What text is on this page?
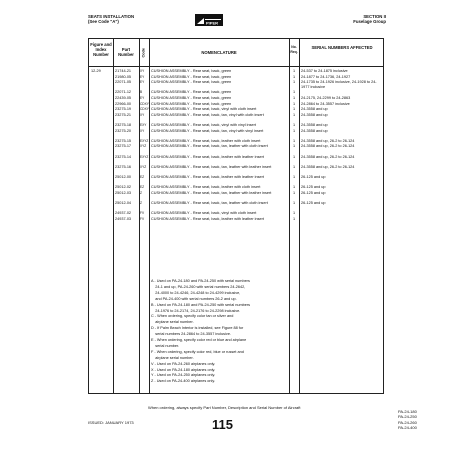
SEATS INSTALLATION
(See Code "A")	PIPER
SECTION II
Fuselage Group
Figure and Index Number
Part Number	Code	NOMENCLATURE
No. Req.
SERIAL NUMBERS AFFECTED
12-29	21744-21	XY CUSHION ASSEMBLY - Rear seat, back, green	1 24-537 to 24-1875 inclusive
21980-05	EY CUSHION ASSEMBLY - Rear seat, back, green	1 24-1877 to 24-1736, 24-1927
22071-05	EY CUSHION ASSEMBLY - Rear seat, back, green	1 24-1735 to 24-1926 inclusive, 24-1928 to 24-1977 inclusive
22071-12	B CUSHION ASSEMBLY - Rear seat, back, green	1
22439-05	EY CUSHION ASSEMBLY - Rear seat, back, green	1 24-2175, 24-2299 to 24-2863
22966-00	CDXY CUSHION ASSEMBLY - Rear seat, back, green	1 24-2864 to 24-3557 inclusive
23275-19	CDXY CUSHION ASSEMBLY - Rear seat, back, vinyl with cloth insert	1 24-3558 and up
23275-21	XY CUSHION ASSEMBLY - Rear seat, back, tan, vinyl with cloth insert	1 24-3558 and up
23275-18	EXY CUSHION ASSEMBLY - Rear seat, back, vinyl with vinyl insert	1 24-3558 and up
23275-20	XY CUSHION ASSEMBLY - Rear seat, back, tan, vinyl with vinyl insert	1 24-3558 and up
23275-15	EXYZ CUSHION ASSEMBLY - Rear seat, back, leather with cloth insert	1 24-3558 and up, 26-2 to 26-124
23275-17	XYZ CUSHION ASSEMBLY - Rear seat, back, tan, leather with cloth insert	1 24-3558 and up, 26-2 to 26-124
23275-14	EXYZ CUSHION ASSEMBLY - Rear seat, back, leather with leather insert	1 24-3558 and up, 26-2 to 26-124
23275-16	XYZ CUSHION ASSEMBLY - Rear seat, back, tan, leather with leather insert	1 24-3558 and up, 26-2 to 26-124
25012-00	EZ CUSHION ASSEMBLY - Rear seat, back, leather with leather insert	1 26-125 and up
25012-02	EZ CUSHION ASSEMBLY - Rear seat, back, leather with cloth insert	1 26-125 and up
25012-03	Z CUSHION ASSEMBLY - Rear seat, back, tan, leather with leather insert	1 26-125 and up
25012-04	Z CUSHION ASSEMBLY - Rear seat, back, tan, leather with cloth insert	1 26-125 and up
24937-02	FV CUSHION ASSEMBLY - Rear seat, back, vinyl with cloth insert	1
24937-03	FV CUSHION ASSEMBLY - Rear seat, back, leather with leather insert	1
A - Used on PA-24-180 and PA-24-250 with serial numbers
24-1 and up, PA-24-260 with serial numbers 24-2642,
24-4000 to 24-4246, 24-4248 to 24-4299 inclusive,
and PA-24-400 with serial numbers 26-2 and up.
B - Used on PA-24-180 and PA-24-250 with serial numbers
24-1976 to 24-2174, 24-2176 to 24-2298 inclusive.
C - When ordering, specify color tan or silver and
airplane serial number.
D - If Palm Beach Interior is installed, see Figure 88 for
serial numbers 24-2864 to 24-3557 inclusive.
E - When ordering, specify color red or blue and airplane
serial number.
F - When ordering, specify color red, blue or russet and
airplane serial number.
V - Used on PA-24-260 airplanes only.
X - Used on PA-24-180 airplanes only.
Y - Used on PA-24-250 airplanes only.
Z - Used on PA-24-400 airplanes only.
When ordering, always specify Part Number, Description and Serial Number of Aircraft
ISSUED: JANUARY 1973	115
PA-24-180
PA-24-250
PA-24-260
PA-24-400
